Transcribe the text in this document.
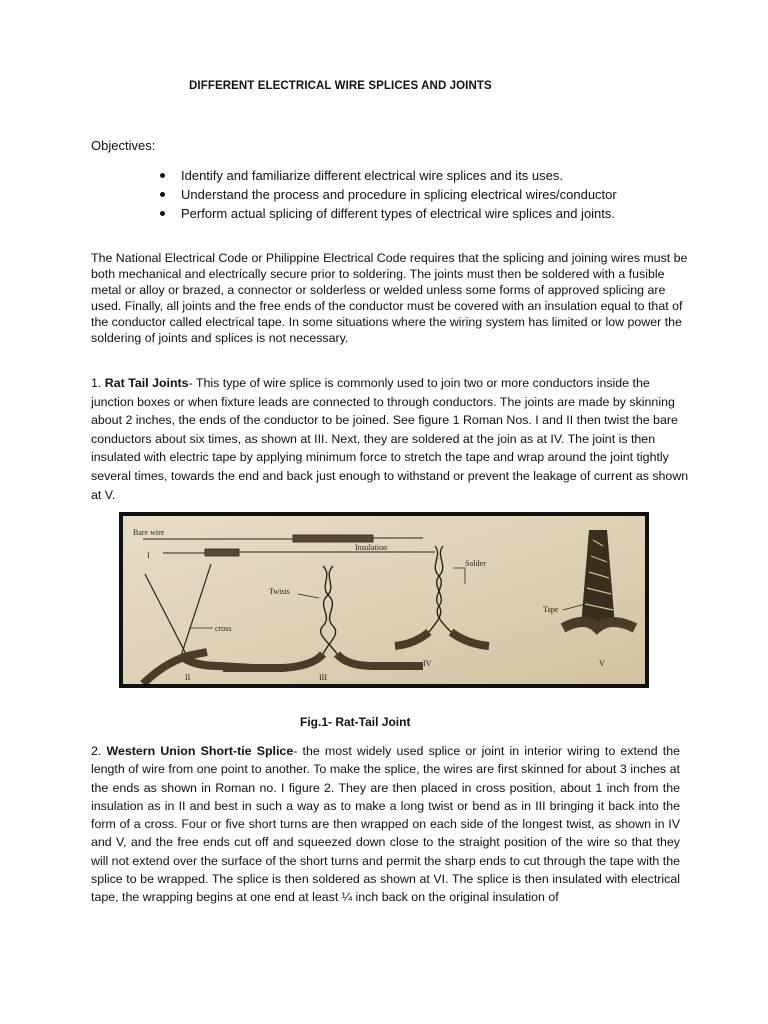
DIFFERENT ELECTRICAL WIRE SPLICES AND JOINTS
Objectives:
Identify and familiarize different electrical wire splices and its uses.
Understand the process and procedure in splicing electrical wires/conductor
Perform actual splicing of different types of electrical wire splices and joints.
The National Electrical Code or Philippine Electrical Code requires that the splicing and joining wires must be both mechanical and electrically secure prior to soldering. The joints must then be soldered with a fusible metal or alloy or brazed, a connector or solderless or welded unless some forms of approved splicing are used. Finally, all joints and the free ends of the conductor must be covered with an insulation equal to that of the conductor called electrical tape. In some situations where the wiring system has limited or low power the soldering of joints and splices is not necessary.
1. Rat Tail Joints- This type of wire splice is commonly used to join two or more conductors inside the junction boxes or when fixture leads are connected to through conductors. The joints are made by skinning about 2 inches, the ends of the conductor to be joined. See figure 1 Roman Nos. I and II then twist the bare conductors about six times, as shown at III. Next, they are soldered at the join as at IV. The joint is then insulated with electric tape by applying minimum force to stretch the tape and wrap around the joint tightly several times, towards the end and back just enough to withstand or prevent the leakage of current as shown at V.
Bare wire
Insulation
I
cross
II
Twists
III
Solder
IV
Tape
V
Fig.1- Rat-Tail Joint
2. Western Union Short-tie Splice- the most widely used splice or joint in interior wiring to extend the length of wire from one point to another. To make the splice, the wires are first skinned for about 3 inches at the ends as shown in Roman no. I figure 2. They are then placed in cross position, about 1 inch from the insulation as in II and best in such a way as to make a long twist or bend as in III bringing it back into the form of a cross. Four or five short turns are then wrapped on each side of the longest twist, as shown in IV and V, and the free ends cut off and squeezed down close to the straight position of the wire so that they will not extend over the surface of the short turns and permit the sharp ends to cut through the tape with the splice to be wrapped. The splice is then soldered as shown at VI. The splice is then insulated with electrical tape, the wrapping begins at one end at least ¼ inch back on the original insulation of
